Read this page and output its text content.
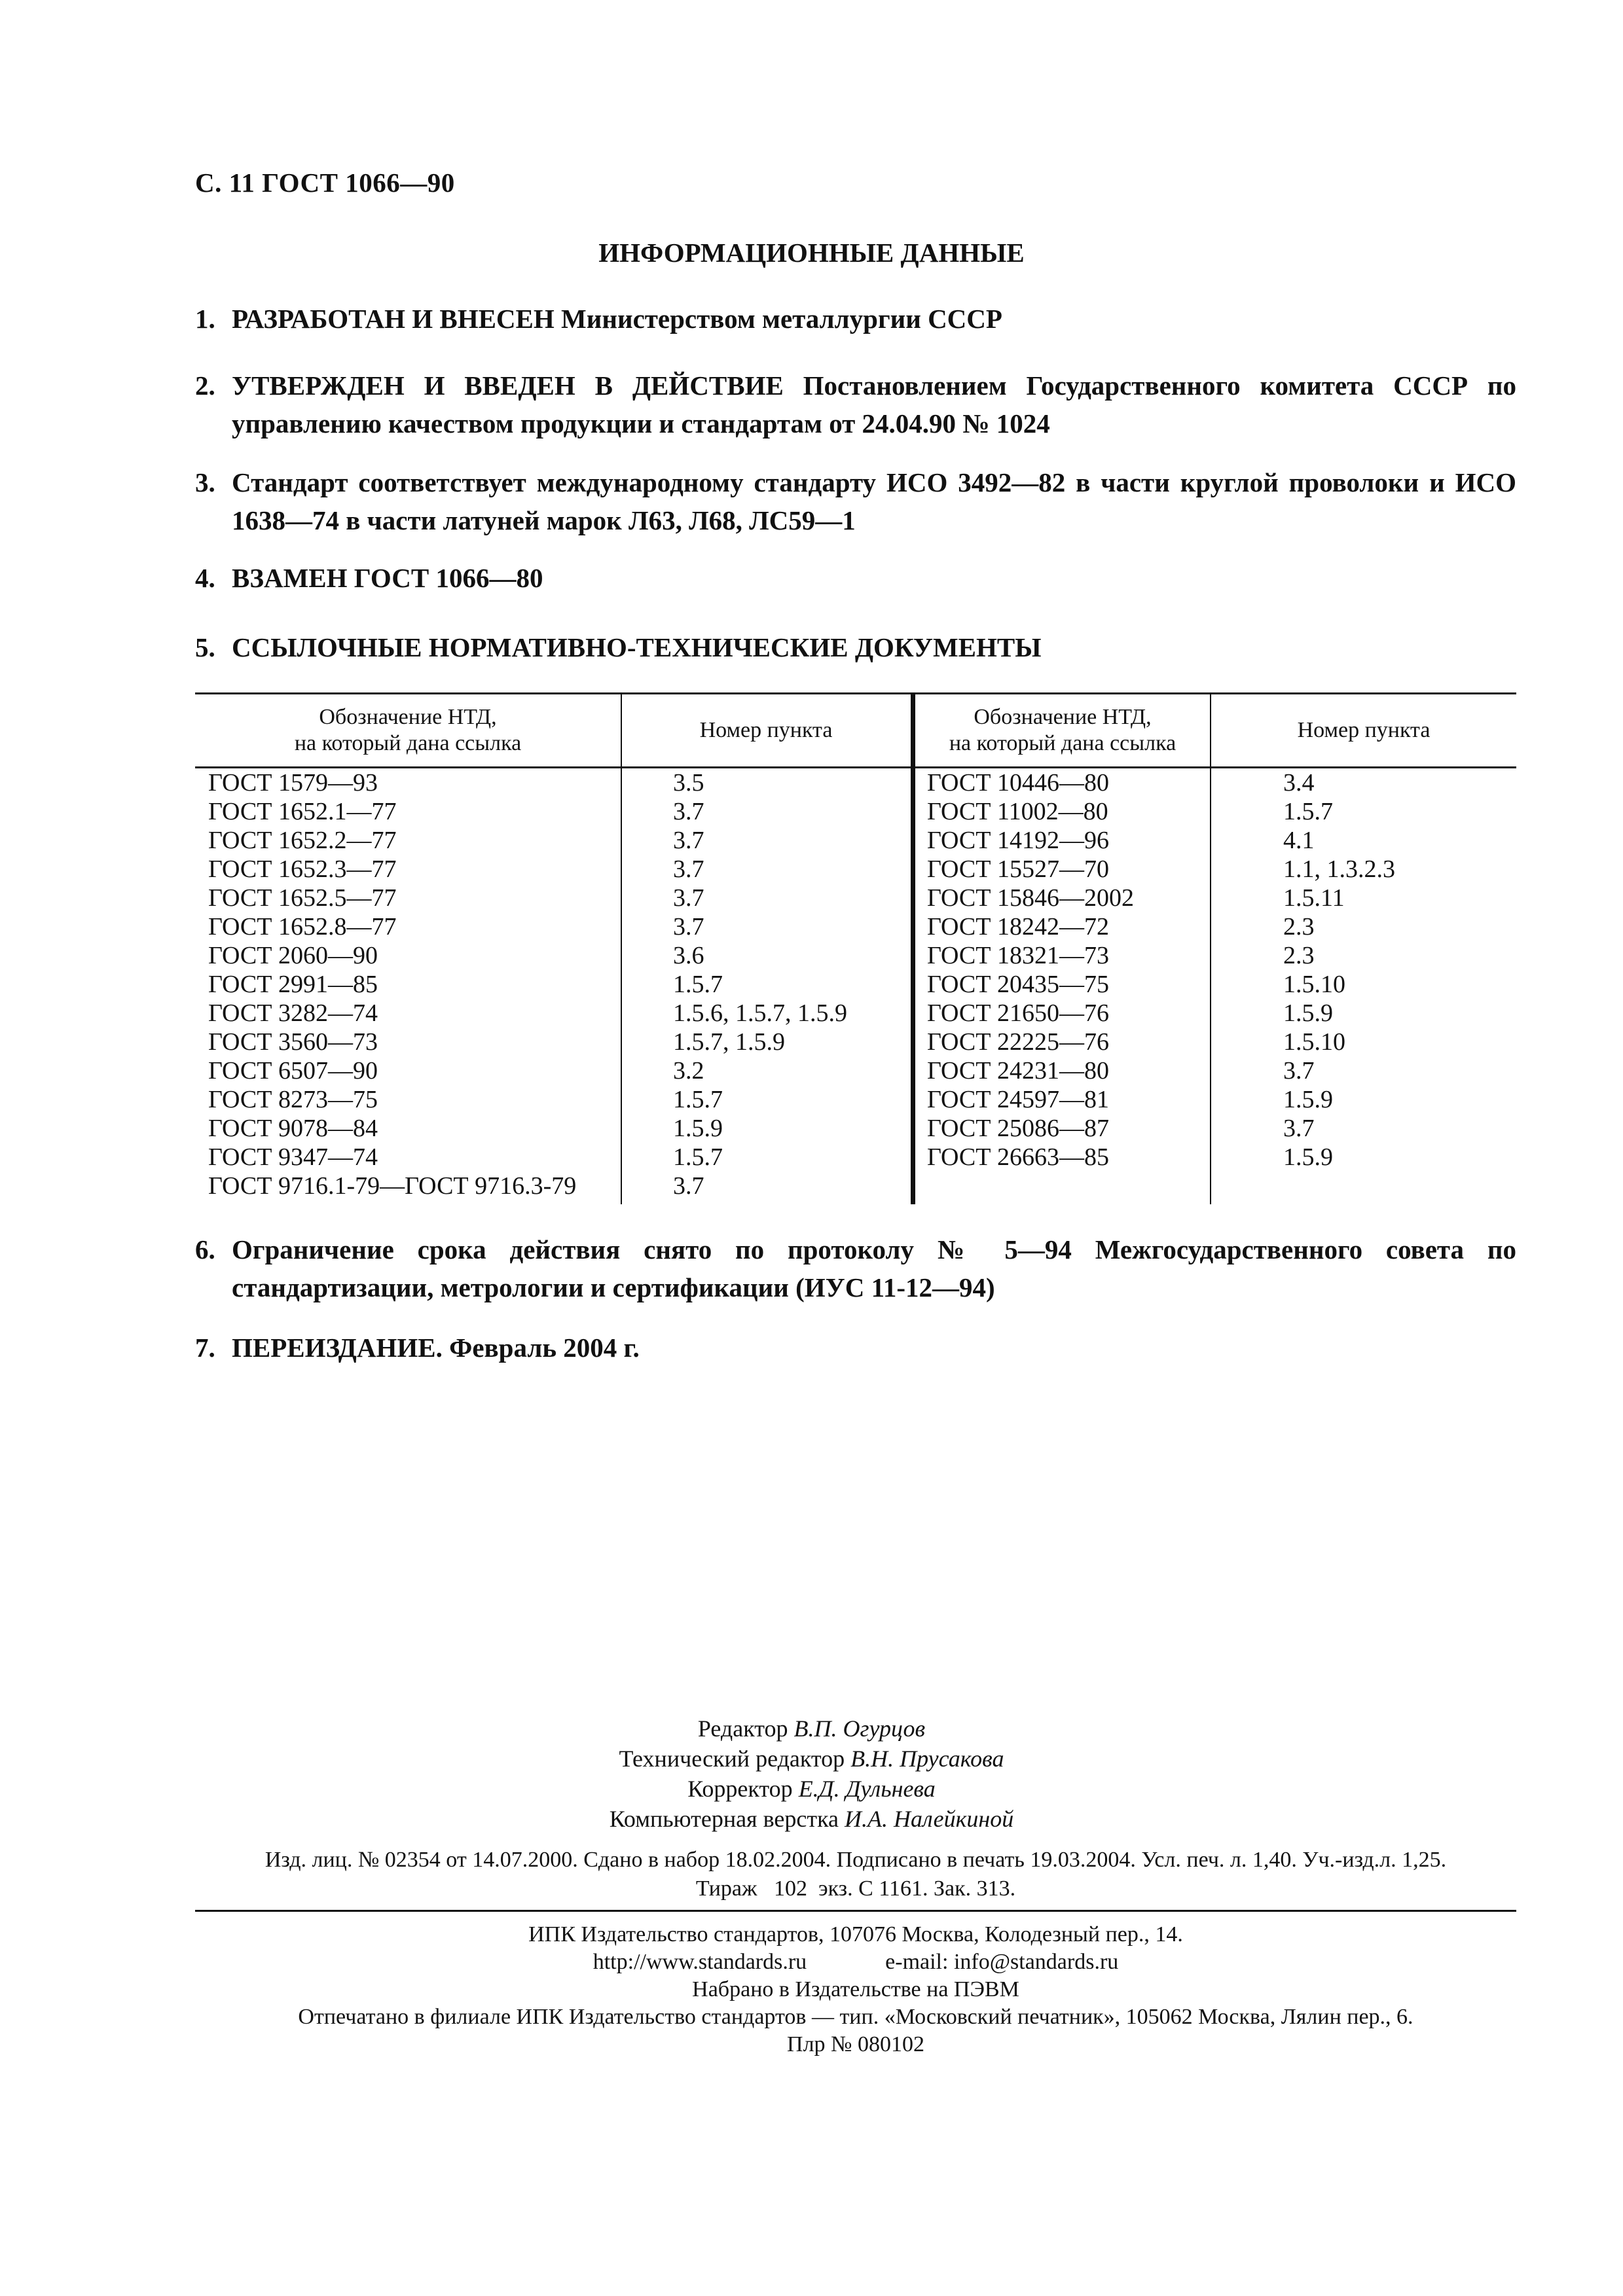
С. 11 ГОСТ 1066—90
ИНФОРМАЦИОННЫЕ ДАННЫЕ
1. РАЗРАБОТАН И ВНЕСЕН Министерством металлургии СССР
2. УТВЕРЖДЕН И ВВЕДЕН В ДЕЙСТВИЕ Постановлением Государственного комитета СССР по управлению качеством продукции и стандартам от 24.04.90 № 1024
3. Стандарт соответствует международному стандарту ИСО 3492—82 в части круглой проволоки и ИСО 1638—74 в части латуней марок Л63, Л68, ЛС59—1
4. ВЗАМЕН ГОСТ 1066—80
5. ССЫЛОЧНЫЕ НОРМАТИВНО-ТЕХНИЧЕСКИЕ ДОКУМЕНТЫ
Обозначение НТД,
на который дана ссылка
Номер пункта
Обозначение НТД,
на который дана ссылка
Номер пункта
ГОСТ 1579—93
ГОСТ 1652.1—77
ГОСТ 1652.2—77
ГОСТ 1652.3—77
ГОСТ 1652.5—77
ГОСТ 1652.8—77
ГОСТ 2060—90
ГОСТ 2991—85
ГОСТ 3282—74
ГОСТ 3560—73
ГОСТ 6507—90
ГОСТ 8273—75
ГОСТ 9078—84
ГОСТ 9347—74
ГОСТ 9716.1-79—ГОСТ 9716.3-79
3.5
3.7
3.7
3.7
3.7
3.7
3.6
1.5.7
1.5.6, 1.5.7, 1.5.9
1.5.7, 1.5.9
3.2
1.5.7
1.5.9
1.5.7
3.7
ГОСТ 10446—80
ГОСТ 11002—80
ГОСТ 14192—96
ГОСТ 15527—70
ГОСТ 15846—2002
ГОСТ 18242—72
ГОСТ 18321—73
ГОСТ 20435—75
ГОСТ 21650—76
ГОСТ 22225—76
ГОСТ 24231—80
ГОСТ 24597—81
ГОСТ 25086—87
ГОСТ 26663—85
3.4
1.5.7
4.1
1.1, 1.3.2.3
1.5.11
2.3
2.3
1.5.10
1.5.9
1.5.10
3.7
1.5.9
3.7
1.5.9
6. Ограничение срока действия снято по протоколу № 5—94 Межгосударственного совета по стандартизации, метрологии и сертификации (ИУС 11-12—94)
7. ПЕРЕИЗДАНИЕ. Февраль 2004 г.
Редактор В.П. Огурцов
Технический редактор В.Н. Прусакова
Корректор Е.Д. Дульнева
Компьютерная верстка И.А. Налейкиной
Изд. лиц. № 02354 от 14.07.2000. Сдано в набор 18.02.2004. Подписано в печать 19.03.2004. Усл. печ. л. 1,40. Уч.-изд.л. 1,25.
Тираж   102  экз. С 1161. Зак. 313.
ИПК Издательство стандартов, 107076 Москва, Колодезный пер., 14.
http://www.standards.ru	e-mail: info@standards.ru
Набрано в Издательстве на ПЭВМ
Отпечатано в филиале ИПК Издательство стандартов — тип. «Московский печатник», 105062 Москва, Лялин пер., 6.
Плр № 080102
